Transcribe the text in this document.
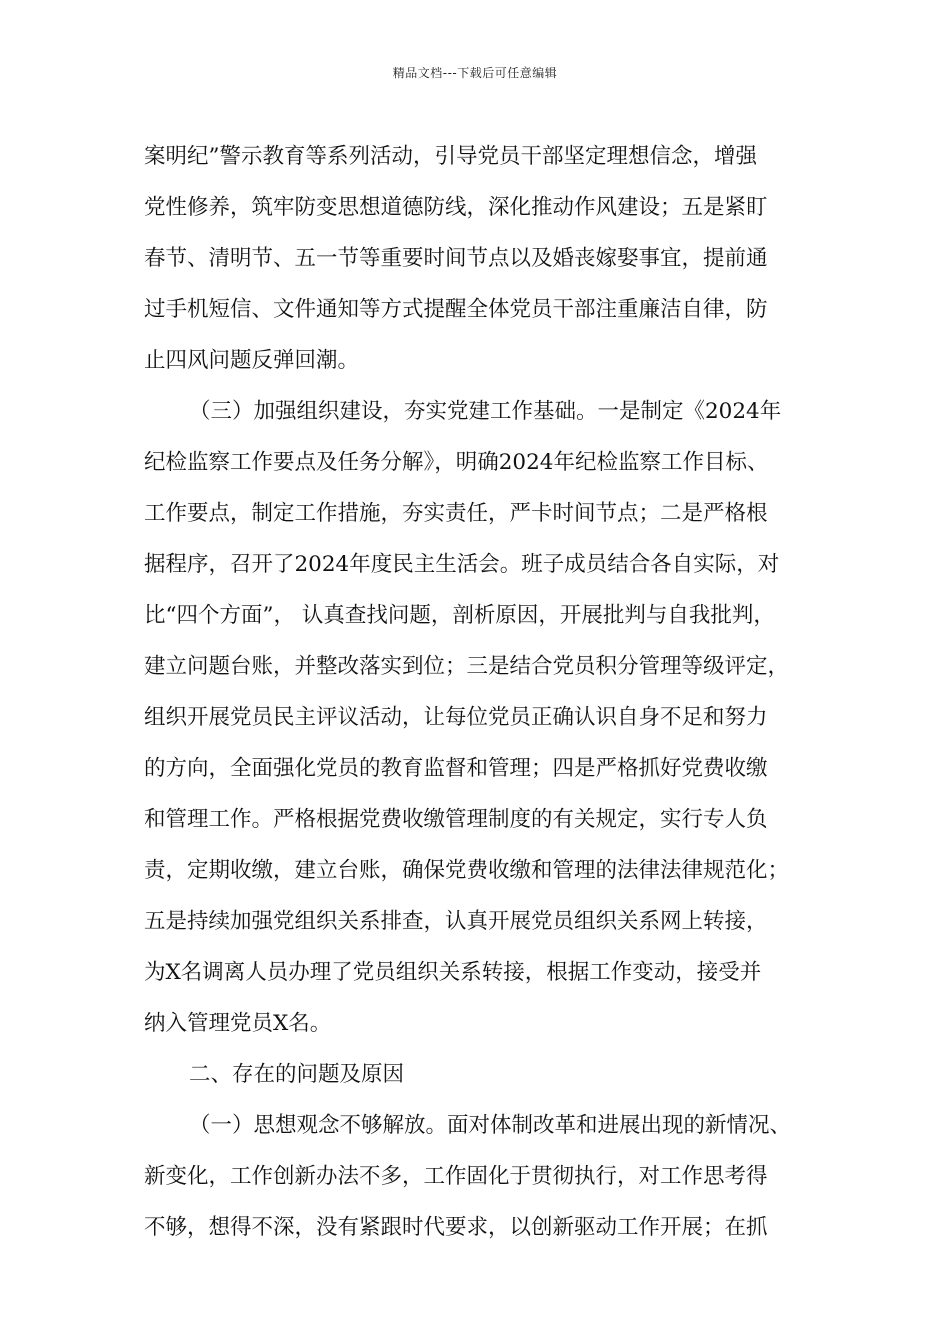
精品文档---下载后可任意编辑
案明纪”警示教育等系列活动，引导党员干部坚定理想信念，增强
党性修养，筑牢防变思想道德防线，深化推动作风建设；五是紧盯
春节、清明节、五一节等重要时间节点以及婚丧嫁娶事宜，提前通
过手机短信、文件通知等方式提醒全体党员干部注重廉洁自律，防
止四风问题反弹回潮。
（三）加强组织建设，夯实党建工作基础。一是制定《2024年
纪检监察工作要点及任务分解》，明确2024年纪检监察工作目标、
工作要点，制定工作措施，夯实责任，严卡时间节点；二是严格根
据程序，召开了2024年度民主生活会。班子成员结合各自实际，对
比“四个方面”， 认真查找问题，剖析原因，开展批判与自我批判，
建立问题台账，并整改落实到位；三是结合党员积分管理等级评定，
组织开展党员民主评议活动，让每位党员正确认识自身不足和努力
的方向，全面强化党员的教育监督和管理；四是严格抓好党费收缴
和管理工作。严格根据党费收缴管理制度的有关规定，实行专人负
责，定期收缴，建立台账，确保党费收缴和管理的法律法律规范化；
五是持续加强党组织关系排查，认真开展党员组织关系网上转接，
为X名调离人员办理了党员组织关系转接，根据工作变动，接受并
纳入管理党员X名。
二、存在的问题及原因
（一）思想观念不够解放。面对体制改革和进展出现的新情况、
新变化，工作创新办法不多，工作固化于贯彻执行，对工作思考得
不够，想得不深，没有紧跟时代要求，以创新驱动工作开展；在抓
